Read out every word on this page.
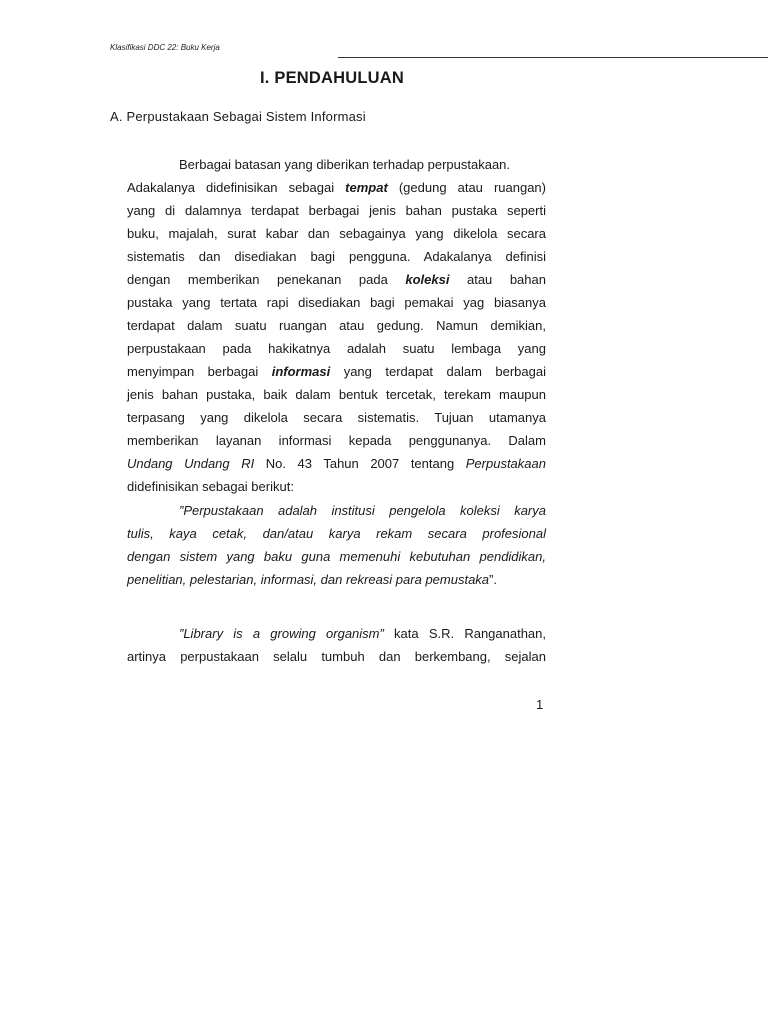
Klasifikasi DDC 22: Buku Kerja
I. PENDAHULUAN
A. Perpustakaan Sebagai Sistem Informasi
Berbagai batasan yang diberikan terhadap perpustakaan.
Adakalanya didefinisikan sebagai tempat (gedung atau ruangan)
yang di dalamnya terdapat berbagai jenis bahan pustaka seperti
buku, majalah, surat kabar dan sebagainya yang dikelola secara
sistematis dan disediakan bagi pengguna. Adakalanya definisi
dengan memberikan penekanan pada koleksi atau bahan
pustaka yang tertata rapi disediakan bagi pemakai yag biasanya
terdapat dalam suatu ruangan atau gedung. Namun demikian,
perpustakaan pada hakikatnya adalah suatu lembaga yang
menyimpan berbagai informasi yang terdapat dalam berbagai
jenis bahan pustaka, baik dalam bentuk tercetak, terekam maupun
terpasang yang dikelola secara sistematis. Tujuan utamanya
memberikan layanan informasi kepada penggunanya. Dalam
Undang Undang RI No. 43 Tahun 2007 tentang Perpustakaan
didefinisikan sebagai berikut:
”Perpustakaan adalah institusi pengelola koleksi karya
tulis, kaya cetak, dan/atau karya rekam secara profesional
dengan sistem yang baku guna memenuhi kebutuhan pendidikan,
penelitian, pelestarian, informasi, dan rekreasi para pemustaka”.
”Library is a growing organism” kata S.R. Ranganathan,
artinya perpustakaan selalu tumbuh dan berkembang, sejalan
1
